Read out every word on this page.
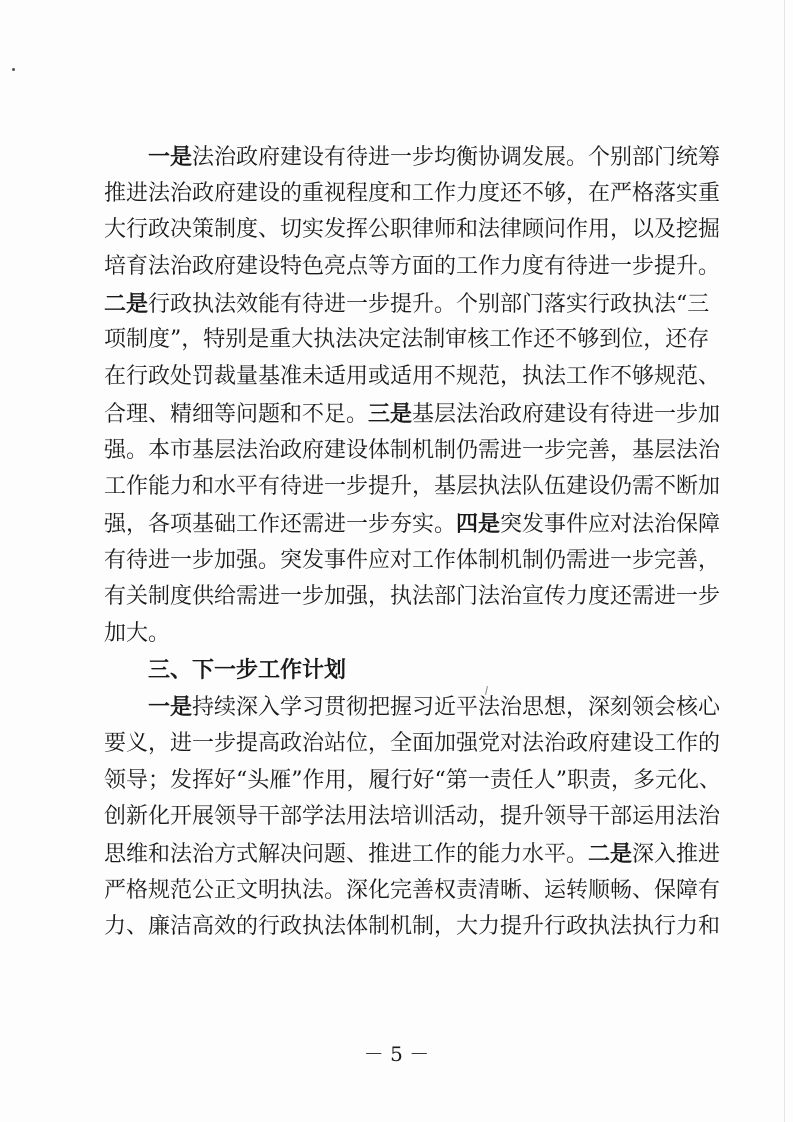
一是法治政府建设有待进一步均衡协调发展。个别部门统筹
推进法治政府建设的重视程度和工作力度还不够，在严格落实重
大行政决策制度、切实发挥公职律师和法律顾问作用，以及挖掘
培育法治政府建设特色亮点等方面的工作力度有待进一步提升。
二是行政执法效能有待进一步提升。个别部门落实行政执法“三
项制度”，特别是重大执法决定法制审核工作还不够到位，还存
在行政处罚裁量基准未适用或适用不规范，执法工作不够规范、
合理、精细等问题和不足。三是基层法治政府建设有待进一步加
强。本市基层法治政府建设体制机制仍需进一步完善，基层法治
工作能力和水平有待进一步提升，基层执法队伍建设仍需不断加
强，各项基础工作还需进一步夯实。四是突发事件应对法治保障
有待进一步加强。突发事件应对工作体制机制仍需进一步完善，
有关制度供给需进一步加强，执法部门法治宣传力度还需进一步
加大。
三、下一步工作计划
一是持续深入学习贯彻把握习近平法治思想，深刻领会核心
要义，进一步提高政治站位，全面加强党对法治政府建设工作的
领导；发挥好“头雁”作用，履行好“第一责任人”职责，多元化、
创新化开展领导干部学法用法培训活动，提升领导干部运用法治
思维和法治方式解决问题、推进工作的能力水平。二是深入推进
严格规范公正文明执法。深化完善权责清晰、运转顺畅、保障有
力、廉洁高效的行政执法体制机制，大力提升行政执法执行力和
－ 5 －
